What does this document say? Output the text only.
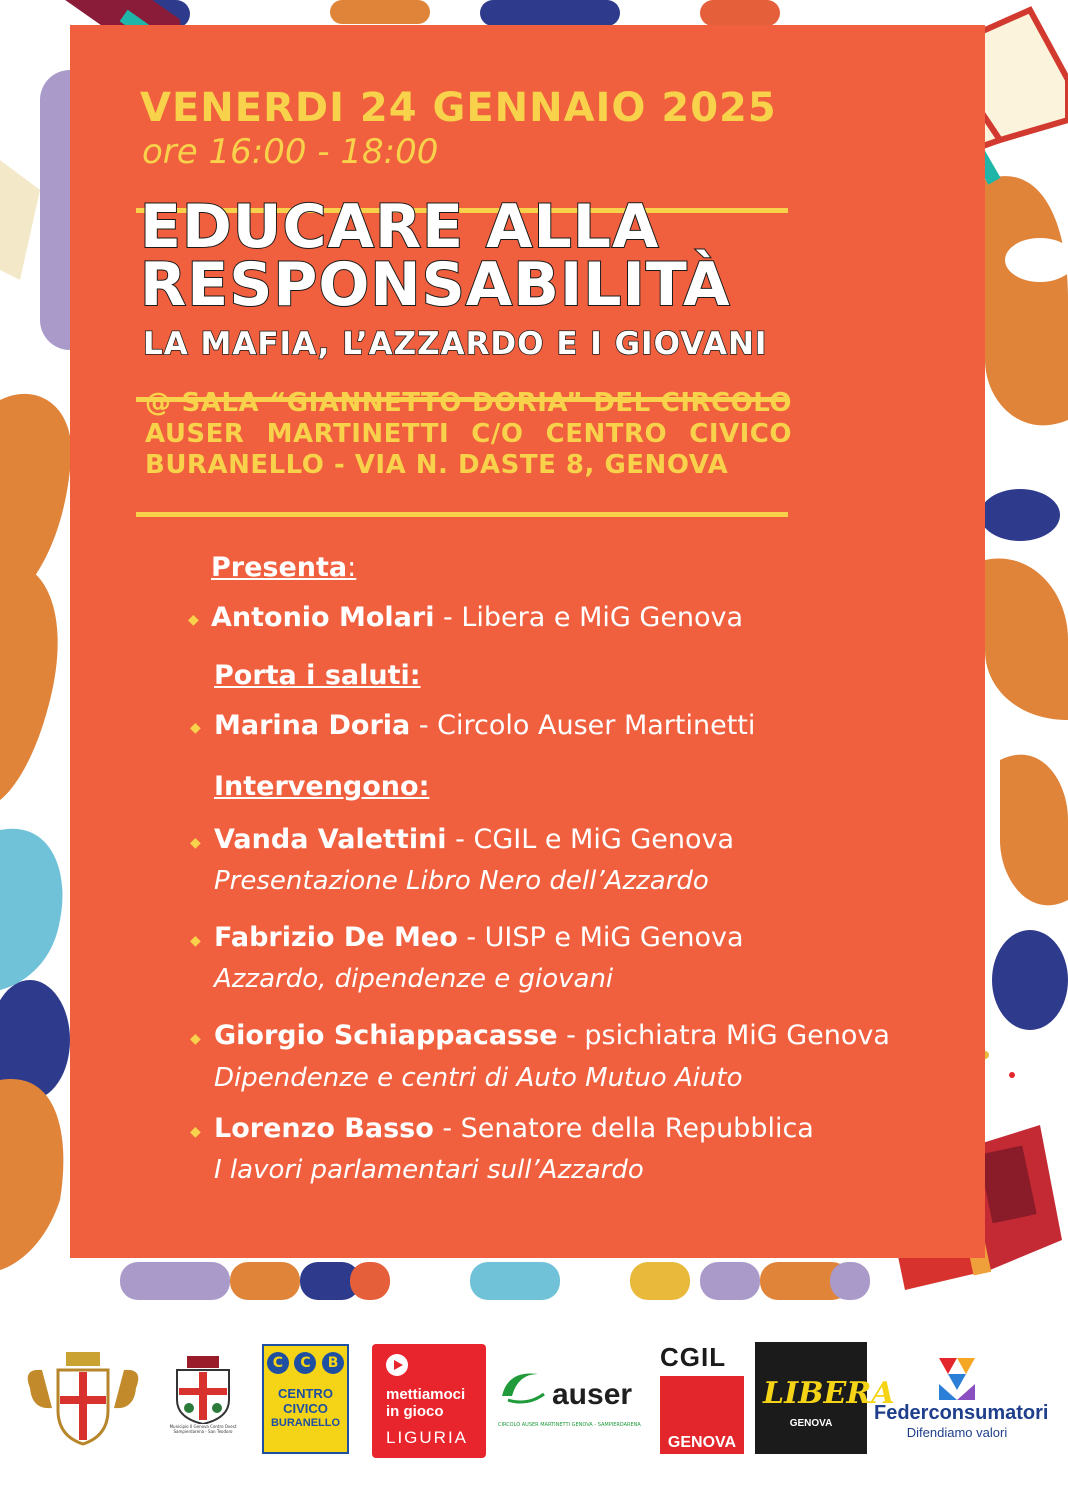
VENERDI 24 GENNAIO 2025
ore 16:00 - 18:00
EDUCARE ALLA
RESPONSABILITÀ
LA MAFIA, L’AZZARDO E I GIOVANI
@ SALA “GIANNETTO DORIA” DEL CIRCOLO AUSER MARTINETTI C/O CENTRO CIVICO BURANELLO - VIA N. DASTE 8, GENOVA
Presenta:
◆ Antonio Molari - Libera e MiG Genova
Porta i saluti:
◆ Marina Doria - Circolo Auser Martinetti
Intervengono:
◆ Vanda Valettini - CGIL e MiG Genova
Presentazione Libro Nero dell’Azzardo
◆ Fabrizio De Meo - UISP e MiG Genova
Azzardo, dipendenze e giovani
◆ Giorgio Schiappacasse - psichiatra MiG Genova
Dipendenze e centri di Auto Mutuo Aiuto
◆ Lorenzo Basso - Senatore della Repubblica
I lavori parlamentari sull’Azzardo
Municipio II Genova Centro Ovest Sampierdarena - San Teodoro
C	C	B
CENTRO
CIVICO
BURANELLO
mettiamoci
in gioco
LIGURIA
auser
CIRCOLO AUSER MARTINETTI GENOVA - SAMPIERDARENA
CGIL
GENOVA
LIBERA
GENOVA	Federconsumatori
Difendiamo valori
